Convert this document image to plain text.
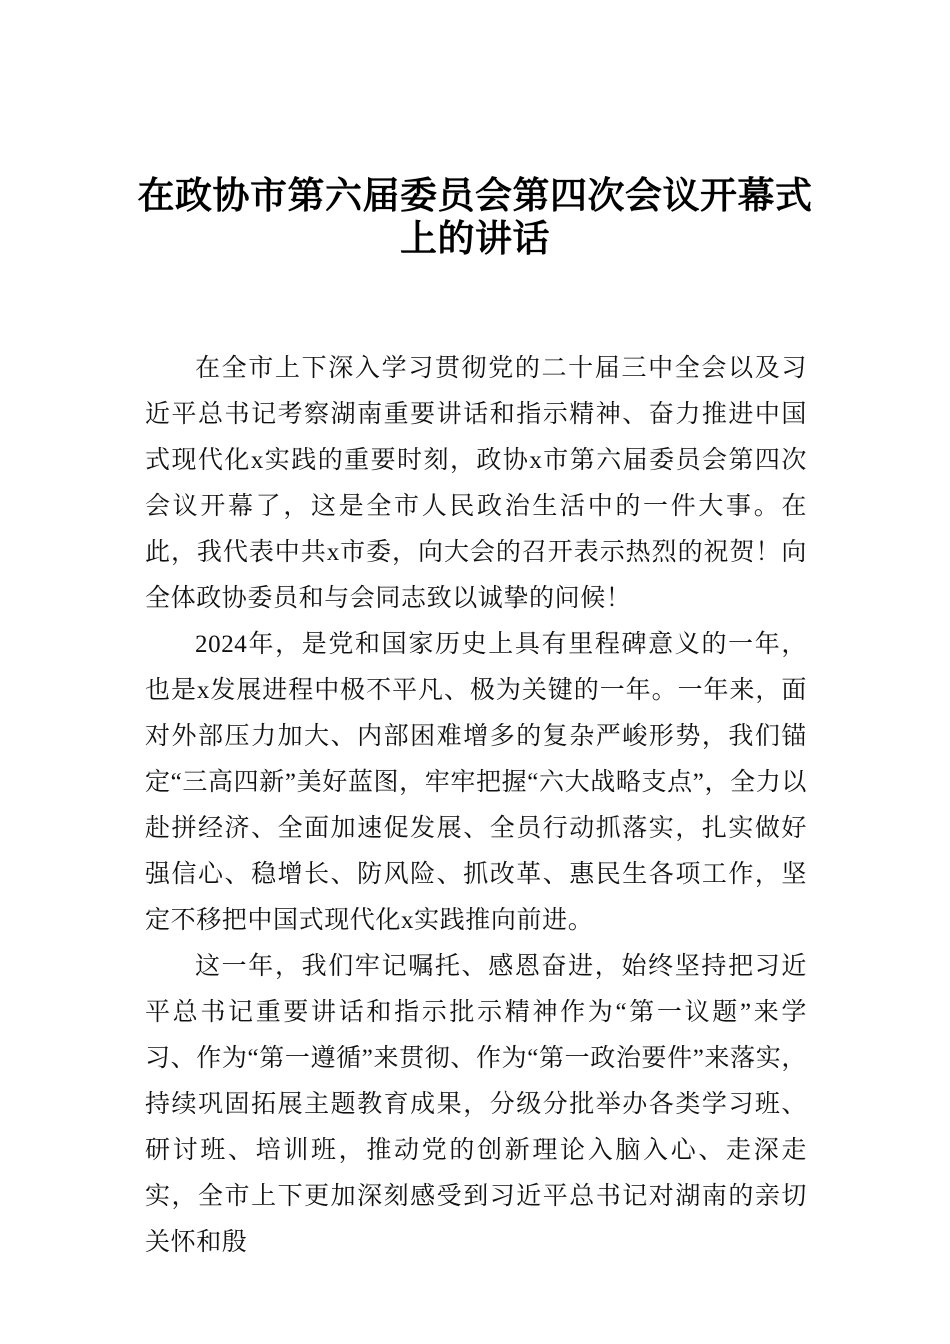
在政协市第六届委员会第四次会议开幕式
上的讲话

在全市上下深入学习贯彻党的二十届三中全会以及习近平总书记考察湖南重要讲话和指示精神、奋力推进中国式现代化x实践的重要时刻，政协x市第六届委员会第四次会议开幕了，这是全市人民政治生活中的一件大事。在此，我代表中共x市委，向大会的召开表示热烈的祝贺！向全体政协委员和与会同志致以诚挚的问候！

2024年，是党和国家历史上具有里程碑意义的一年，也是x发展进程中极不平凡、极为关键的一年。一年来，面对外部压力加大、内部困难增多的复杂严峻形势，我们锚定“三高四新”美好蓝图，牢牢把握“六大战略支点”，全力以赴拼经济、全面加速促发展、全员行动抓落实，扎实做好强信心、稳增长、防风险、抓改革、惠民生各项工作，坚定不移把中国式现代化x实践推向前进。

这一年，我们牢记嘱托、感恩奋进，始终坚持把习近平总书记重要讲话和指示批示精神作为“第一议题”来学习、作为“第一遵循”来贯彻、作为“第一政治要件”来落实，持续巩固拓展主题教育成果，分级分批举办各类学习班、研讨班、培训班，推动党的创新理论入脑入心、走深走实，全市上下更加深刻感受到习近平总书记对湖南的亲切关怀和殷
